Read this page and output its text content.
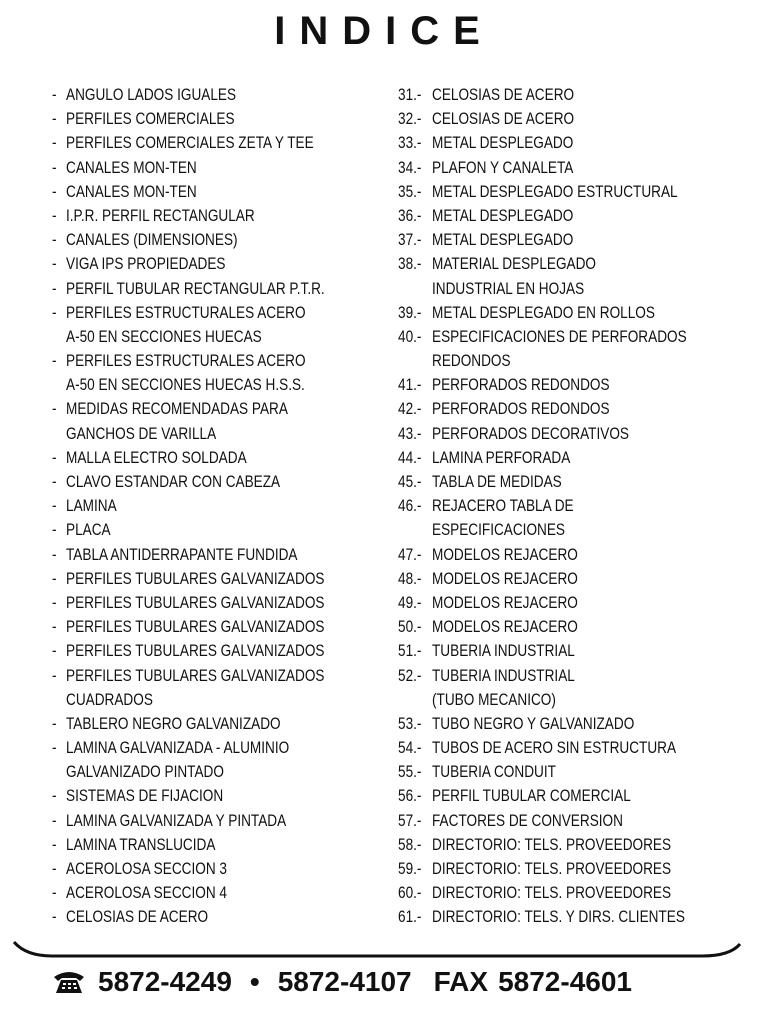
INDICE
- ANGULO LADOS IGUALES
- PERFILES COMERCIALES
- PERFILES COMERCIALES ZETA Y TEE
- CANALES MON-TEN
- CANALES MON-TEN
- I.P.R. PERFIL RECTANGULAR
- CANALES (DIMENSIONES)
- VIGA IPS PROPIEDADES
- PERFIL TUBULAR RECTANGULAR P.T.R.
- PERFILES ESTRUCTURALES ACERO
A-50 EN SECCIONES HUECAS
- PERFILES ESTRUCTURALES ACERO
A-50 EN SECCIONES HUECAS H.S.S.
- MEDIDAS RECOMENDADAS PARA
GANCHOS DE VARILLA
- MALLA ELECTRO SOLDADA
- CLAVO ESTANDAR CON CABEZA
- LAMINA
- PLACA
- TABLA ANTIDERRAPANTE FUNDIDA
- PERFILES TUBULARES GALVANIZADOS
- PERFILES TUBULARES GALVANIZADOS
- PERFILES TUBULARES GALVANIZADOS
- PERFILES TUBULARES GALVANIZADOS
- PERFILES TUBULARES GALVANIZADOS
CUADRADOS
- TABLERO NEGRO GALVANIZADO
- LAMINA GALVANIZADA - ALUMINIO
GALVANIZADO PINTADO
- SISTEMAS DE FIJACION
- LAMINA GALVANIZADA Y PINTADA
- LAMINA TRANSLUCIDA
- ACEROLOSA SECCION 3
- ACEROLOSA SECCION 4
- CELOSIAS DE ACERO
31.- CELOSIAS DE ACERO
32.- CELOSIAS DE ACERO
33.- METAL DESPLEGADO
34.- PLAFON Y CANALETA
35.- METAL DESPLEGADO ESTRUCTURAL
36.- METAL DESPLEGADO
37.- METAL DESPLEGADO
38.- MATERIAL DESPLEGADO
INDUSTRIAL EN HOJAS
39.- METAL DESPLEGADO EN ROLLOS
40.- ESPECIFICACIONES DE PERFORADOS
REDONDOS
41.- PERFORADOS REDONDOS
42.- PERFORADOS REDONDOS
43.- PERFORADOS DECORATIVOS
44.- LAMINA PERFORADA
45.- TABLA DE MEDIDAS
46.- REJACERO TABLA DE
ESPECIFICACIONES
47.- MODELOS REJACERO
48.- MODELOS REJACERO
49.- MODELOS REJACERO
50.- MODELOS REJACERO
51.- TUBERIA INDUSTRIAL
52.- TUBERIA INDUSTRIAL
(TUBO MECANICO)
53.- TUBO NEGRO Y GALVANIZADO
54.- TUBOS DE ACERO SIN ESTRUCTURA
55.- TUBERIA CONDUIT
56.- PERFIL TUBULAR COMERCIAL
57.- FACTORES DE CONVERSION
58.- DIRECTORIO: TELS. PROVEEDORES
59.- DIRECTORIO: TELS. PROVEEDORES
60.- DIRECTORIO: TELS. PROVEEDORES
61.- DIRECTORIO: TELS. Y DIRS. CLIENTES
5872-4249 • 5872-4107 FAX 5872-4601
